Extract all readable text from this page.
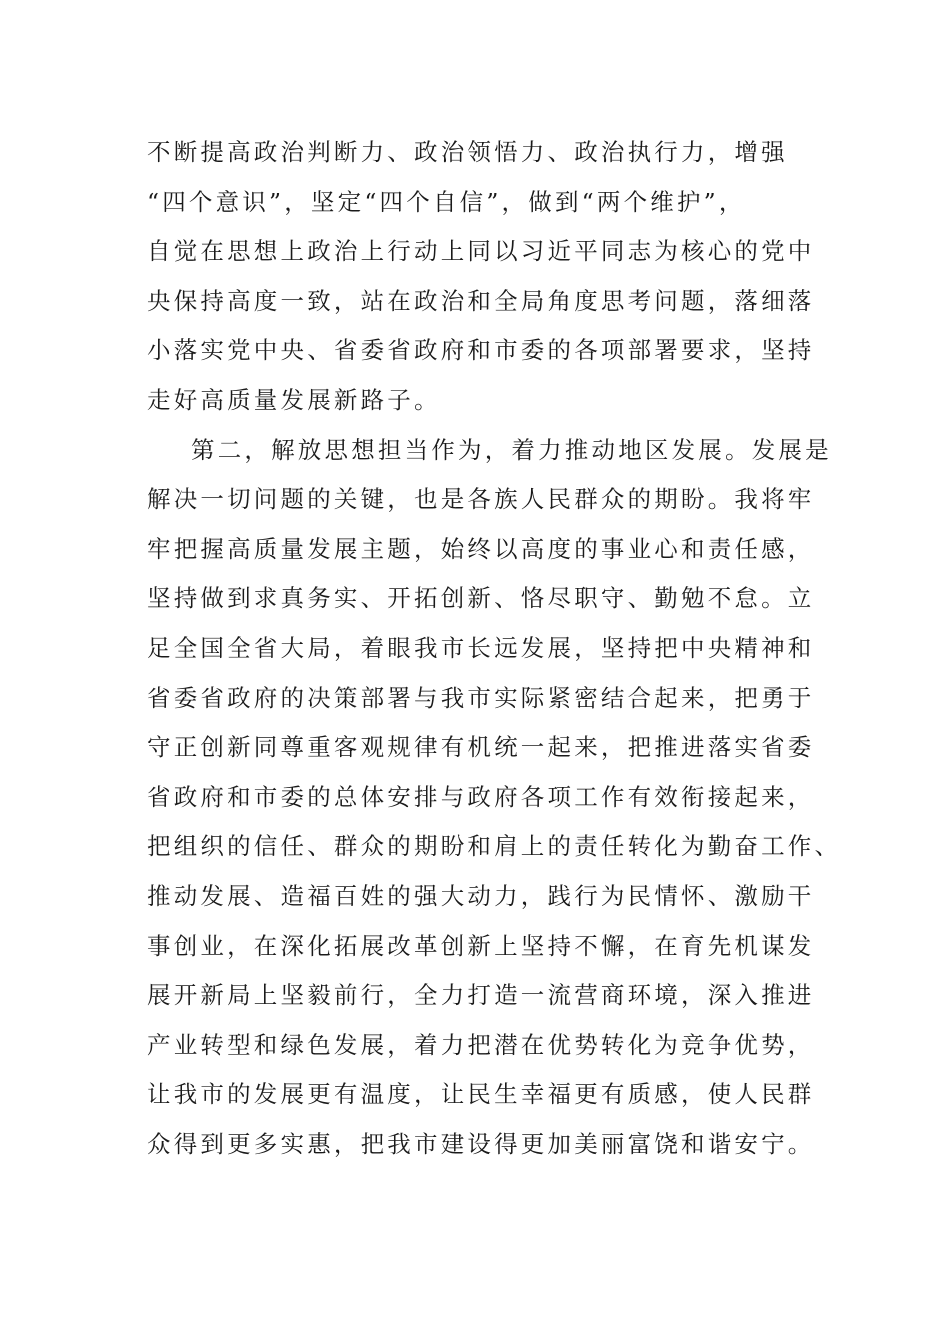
不断提高政治判断力、政治领悟力、政治执行力，增强
“四个意识”，坚定“四个自信”，做到“两个维护”，
自觉在思想上政治上行动上同以习近平同志为核心的党中
央保持高度一致，站在政治和全局角度思考问题，落细落
小落实党中央、省委省政府和市委的各项部署要求，坚持
走好高质量发展新路子。
第二，解放思想担当作为，着力推动地区发展。发展是
解决一切问题的关键，也是各族人民群众的期盼。我将牢
牢把握高质量发展主题，始终以高度的事业心和责任感，
坚持做到求真务实、开拓创新、恪尽职守、勤勉不怠。立
足全国全省大局，着眼我市长远发展，坚持把中央精神和
省委省政府的决策部署与我市实际紧密结合起来，把勇于
守正创新同尊重客观规律有机统一起来，把推进落实省委
省政府和市委的总体安排与政府各项工作有效衔接起来，
把组织的信任、群众的期盼和肩上的责任转化为勤奋工作、
推动发展、造福百姓的强大动力，践行为民情怀、激励干
事创业，在深化拓展改革创新上坚持不懈，在育先机谋发
展开新局上坚毅前行，全力打造一流营商环境，深入推进
产业转型和绿色发展，着力把潜在优势转化为竞争优势，
让我市的发展更有温度，让民生幸福更有质感，使人民群
众得到更多实惠，把我市建设得更加美丽富饶和谐安宁。
